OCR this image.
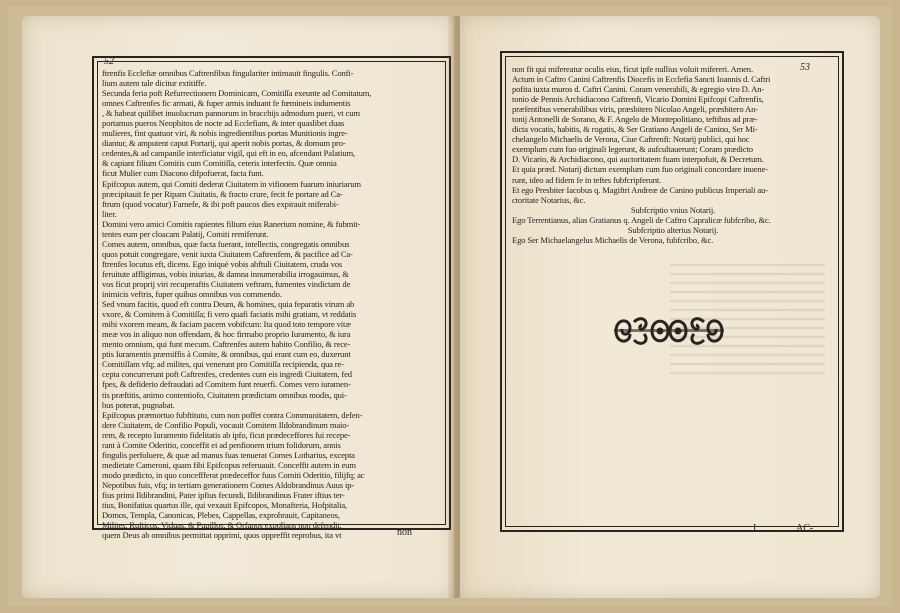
52
ftrenfis Ecclefiæ omnibus Caftrenfibus fingulariter intimauit fingulis. Confi-
lium autem tale dicitur extitiffe.
Secunda feria poft Refurrectionem Dominicam, Comitiſſa exeunte ad Comitatum,
omnes Caftrenfes fic armati, & fuper armis induant fe fœmineis indumentis
, & habeat quilibet inuolucrum pannorum in bracchijs admodum pueri, vt cum
portamus pueros Neophitos de nocte ad Ecclefiam, & inter quaslibet duas
mulieres, fint quatuor viri, & nobis ingredientibus portas Munitionis ingre-
diantur, & amputent caput Portarij, qui aperit nobis portas, & domum pro-
cedentes,& ad campanile interficiatur vigil, qui eft in eo, afcendant Palatium,
& capiant filium Comitis cum Comitiſſa, ceteris interfectis. Quæ omnia
ficut Mulier cum Diacono difpofuerat, facta funt.
Epifcopus autem, qui Comiti dederat Ciuitatem in vifionem fuarum iniuriarum
præcipitauit fe per Ripam Ciuitatis, & fracto crure, fecit fe portare ad Ca-
ftrum (quod vocatur) Farnefe, & ibi poft paucos dies expirauit miferabi-
liter.
Domini vero amici Comitis rapientes filium eius Ranerium nomine, & fubmit-
tentes eum per cloacam Palatij, Comiti remiferunt.
Comes autem, omnibus, quæ facta fuerant, intellectis, congregatis omnibus
quos potuit congregare, venit iuxta Ciuitatem Caftrenfem, & pacifice ad Ca-
ftrenfes locutus eft, dicens. Ego iniquè vobis abftuli Ciuitatem, cruda vos
feruitute affligimus, vobis iniurias, & damna innumerabilia irrogauimus, &
vos ficut proprij viri recuperaftis Ciuitatem veftram, fumentes vindictam de
inimicis veftris, fuper quibus omnibus vos commendo.
Sed vnum facitis, quod eft contra Deum, & homines, quia feparatis virum ab
vxore, & Comitem à Comitiſſa; fi vero quafi faciatis mihi gratiam, vt reddatis
mihi vxorem meam, & faciam pacem vobifcum: Ita quod toto tempore vitæ
meæ vos in aliquo non offendam, & hoc firmabo proprio Iuramento, & iura
mento omnium, qui funt mecum. Caftrenfes autem habito Confilio, & rece-
ptis Iuramentis præmiffis à Comite, & omnibus, qui erant cum eo, duxerunt
Comitiſſam vfq; ad milites, qui venerunt pro Comitiſſa recipienda, qua re-
cepta concurrerunt poft Caftrenfes, credentes cum eis ingredi Ciuitatem, fed
fpes, & defiderio defraudati ad Comitem funt reuerfi. Comes vero iuramen-
tis præftitis, animo contentiofo, Ciuitatem prædictam omnibus modis, qui-
bus poterat, pugnabat.
Epifcopus præmortuo fubftituto, cum non poffet contra Communitatem, defen-
dere Ciuitatem, de Confilio Populi, vocauit Comitem Ildobrandinum maio-
rem, & recepto Iuramento fidelitatis ab ipfo, ficut prædeceffores fui recepe-
rant à Comite Oderitio, conceffit ei ad penfionem trium folidorum, annis
fingulis perfoluere, & quæ ad manus fuas tenuerat Comes Lotharius, excepta
medietate Cameroni, quam fibi Epifcopus referuauit. Conceffit autem in eum
modo prædicto, in quo conceffferat prædeceffor fuus Comiti Oderitio, filijfq; ac
Nepotibus fuis, vfq; in tertiam generationem Comes Aldobrandinus Auus ip-
fius primi Ildibrandini, Pater ipfius fecundi, Ildibrandinus Frater iftius ter-
tius, Bonifatius quartus ille, qui vexauit Epifcopos, Monafteria, Hofpitalia,
Domos, Templa, Canonicas, Plebes, Cappellas, exprobrauit, Capitaneos,
Milites, Rufticos, Viduas, & Pupillos, & Orfanos expolians non defendit,
quem Deus ab omnibus permittat opprimi, quos oppreffit reprobus, ita vt	non
53
non fit qui mifereatur oculis eius, ficut ipfe nullius voluit mifereri. Amen.
Actum in Caftro Canini Caftrenfis Diocefis in Ecclefia Sancti Ioannis d. Caftri
pofita iuxta muros d. Caftri Canini. Coram venerabili, & egregio viro D. An-
tonio de Pennis Archidiacono Caftrenfi, Vicario Domini Epifcopi Caftrenfis,
præfentibus venerabilibus viris, præsbitero Nicolao Angeli, præsbitero An-
tonij Antonelli de Sorano, & F. Angelo de Montepolitiano, teftibus ad præ-
dicta vocatis, habitis, & rogatis, & Ser Gratiano Angeli de Canino, Ser Mi-
chelangelo Michaelis de Verona, Ciue Caftrenfi: Notarij publici, qui hoc
exemplum cum fuo originali legerunt, & aufcultauerunt; Coram prædicto
D. Vicario, & Archidiacono, qui auctoritatem fuam interpofuit, & Decretum.
Et quia præd. Notarij dictum exemplum cum fuo originali concordare inuene-
runt, ideo ad fidem fe in teftes fubfcripferunt.
Et ego Presbiter Iacobus q. Magiftri Andreæ de Canino publicus Imperiali au-
ctoritate Notarius, &c.
Subfcriptio vnius Notarij.
Ego Terrentianus, alias Gratianus q. Angeli de Caftro Capralicæ fubfcribo, &c.
Subfcriptio alterius Notarij.
Ego Ser Michaelangelus Michaelis de Verona, fubfcribo, &c.
I	AC-
